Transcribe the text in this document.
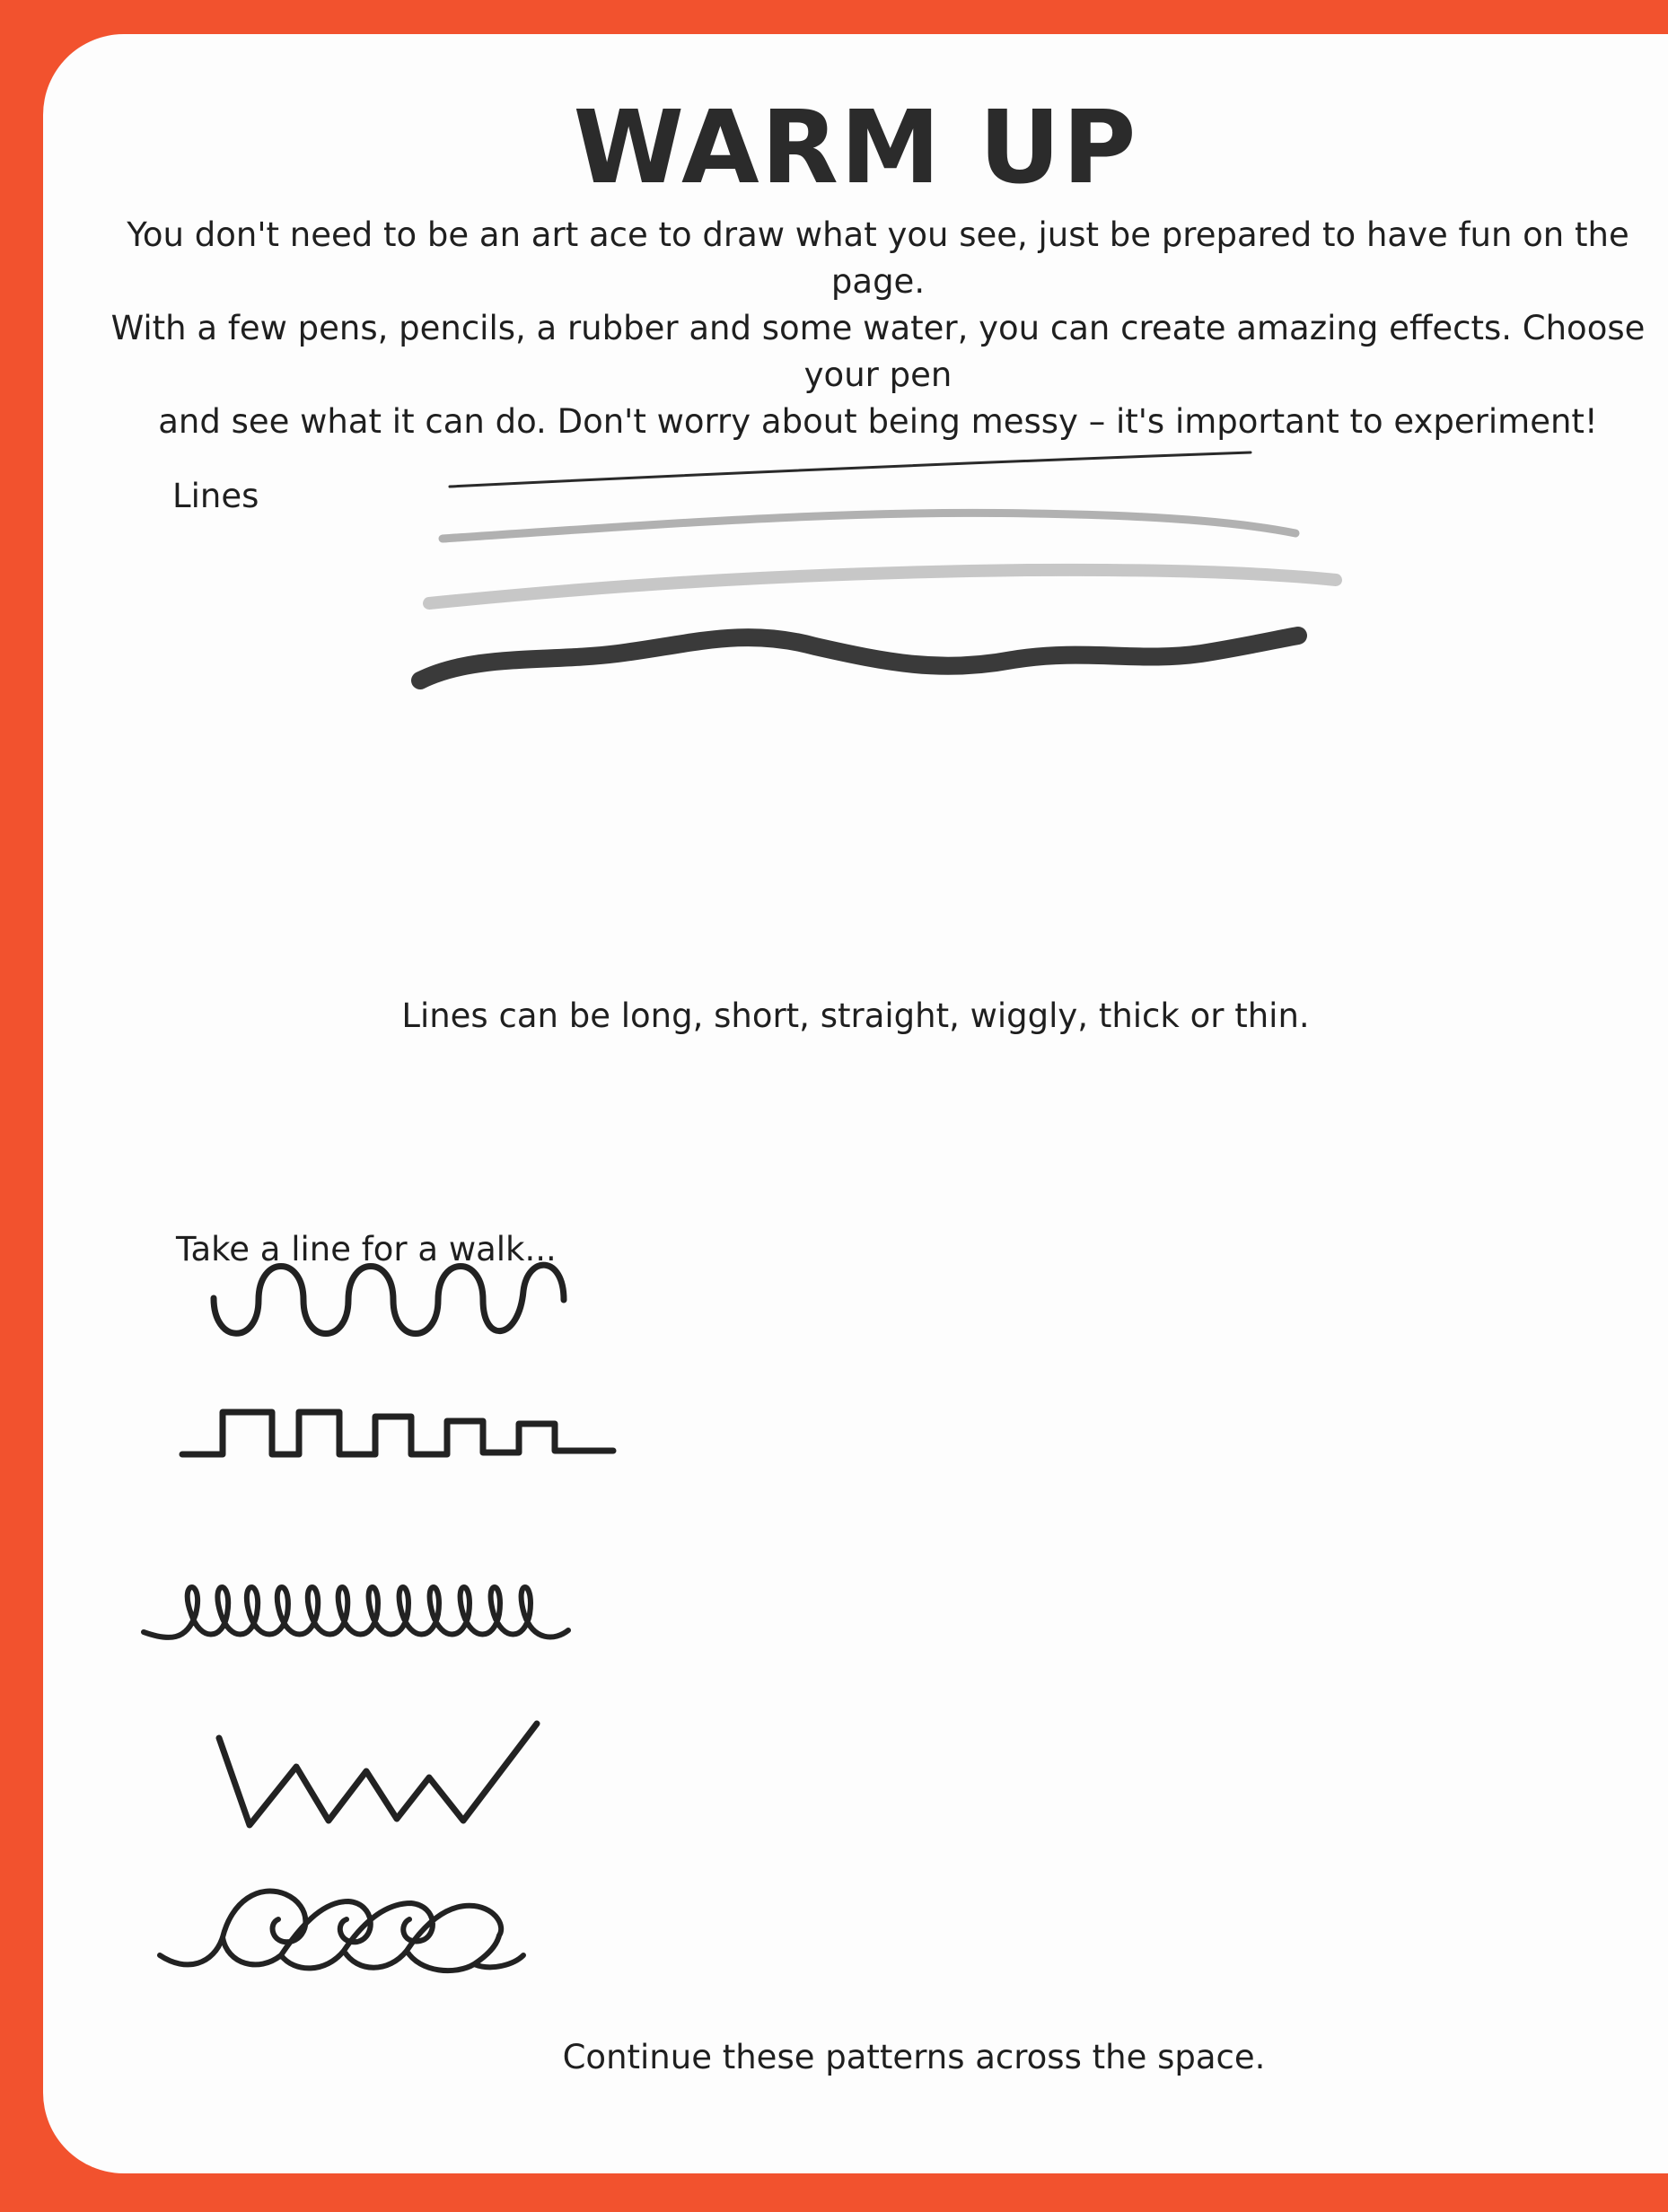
WARM UP
You don't need to be an art ace to draw what you see, just be prepared to have fun on the page.
With a few pens, pencils, a rubber and some water, you can create amazing effects. Choose your pen
and see what it can do. Don't worry about being messy – it's important to experiment!
Lines
Lines can be long, short, straight, wiggly, thick or thin.
Take a line for a walk...
Continue these patterns across the space.
